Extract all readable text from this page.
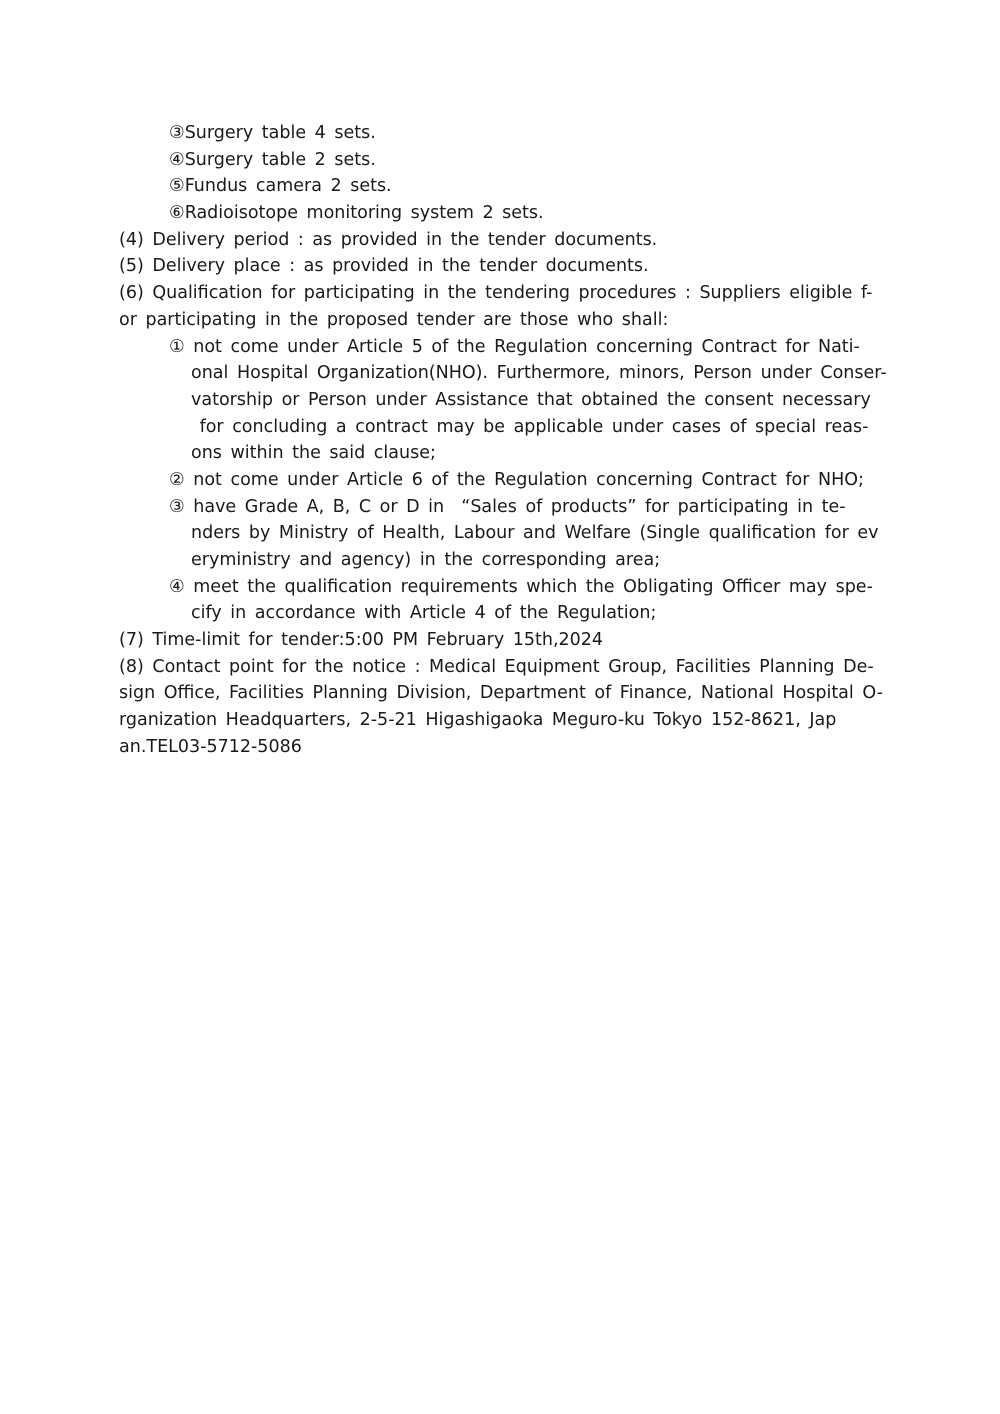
③Surgery table 4 sets.
④Surgery table 2 sets.
⑤Fundus camera 2 sets.
⑥Radioisotope monitoring system 2 sets.
(4) Delivery period : as provided in the tender documents.
(5) Delivery place : as provided in the tender documents.
(6) Qualification for participating in the tendering procedures : Suppliers eligible f-
or participating in the proposed tender are those who shall:
① not come under Article 5 of the Regulation concerning Contract for Nati-
onal Hospital Organization(NHO). Furthermore, minors, Person under Conser-
vatorship or Person under Assistance that obtained the consent necessary
for concluding a contract may be applicable under cases of special reas-
ons within the said clause;
② not come under Article 6 of the Regulation concerning Contract for NHO;
③ have Grade A, B, C or D in  “Sales of products” for participating in te-
nders by Ministry of Health, Labour and Welfare (Single qualification for ev
eryministry and agency) in the corresponding area;
④ meet the qualification requirements which the Obligating Officer may spe-
cify in accordance with Article 4 of the Regulation;
(7) Time-limit for tender:5:00 PM February 15th,2024
(8) Contact point for the notice : Medical Equipment Group, Facilities Planning De-
sign Office, Facilities Planning Division, Department of Finance, National Hospital O-
rganization Headquarters, 2-5-21 Higashigaoka Meguro-ku Tokyo 152-8621, Jap
an.TEL03-5712-5086
